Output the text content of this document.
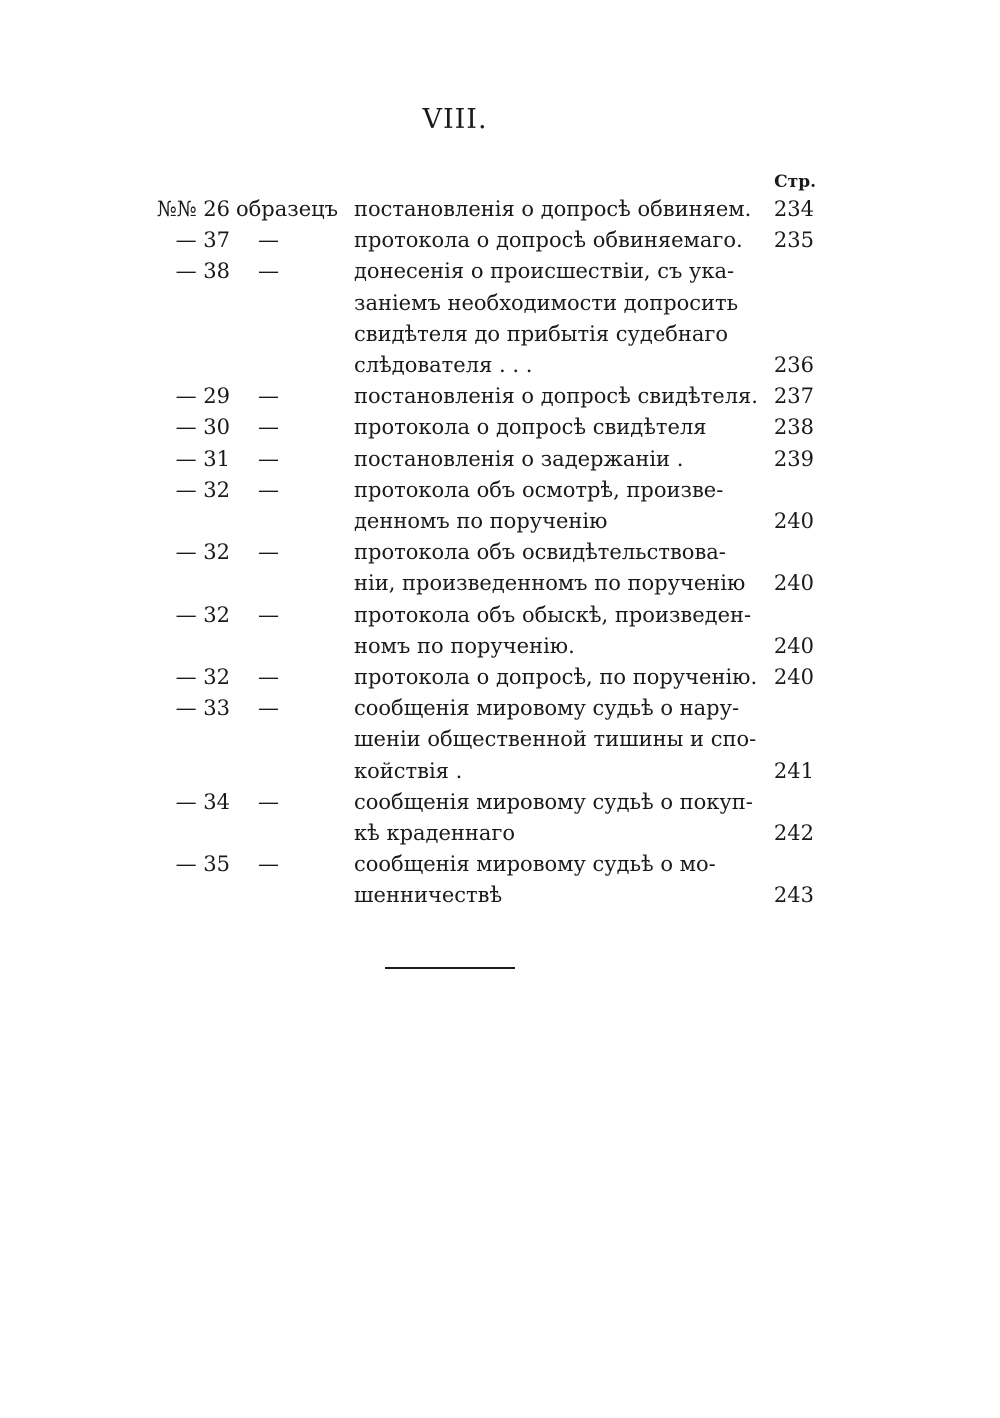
VIII.
Стр.
№№ 26 образецъ постановленія о допросѣ обвиняем.	234
— 37 —	протокола о допросѣ обвиняемаго.	235
— 38 —	донесенія о происшествіи, съ ука-
заніемъ необходимости допросить
свидѣтеля до прибытія судебнаго
слѣдователя . . .	236
— 29 —	постановленія о допросѣ свидѣтеля. 237
— 30 —	протокола о допросѣ свидѣтеля	238
— 31 —	постановленія о задержаніи .	239
— 32 —	протокола объ осмотрѣ, произве-
денномъ по порученію	240
— 32 —	протокола объ освидѣтельствова-
ніи, произведенномъ по порученію	240
— 32 —	протокола объ обыскѣ, произведен-
номъ по порученію.	240
— 32 —	протокола о допросѣ, по порученію. 240
— 33 —	сообщенія мировому судьѣ о нару-
шеніи общественной тишины и спо-
койствія .	241
— 34 —	сообщенія мировому судьѣ о покуп-
кѣ краденнаго	242
— 35 —	сообщенія мировому судьѣ о мо-
шенничествѣ	243
